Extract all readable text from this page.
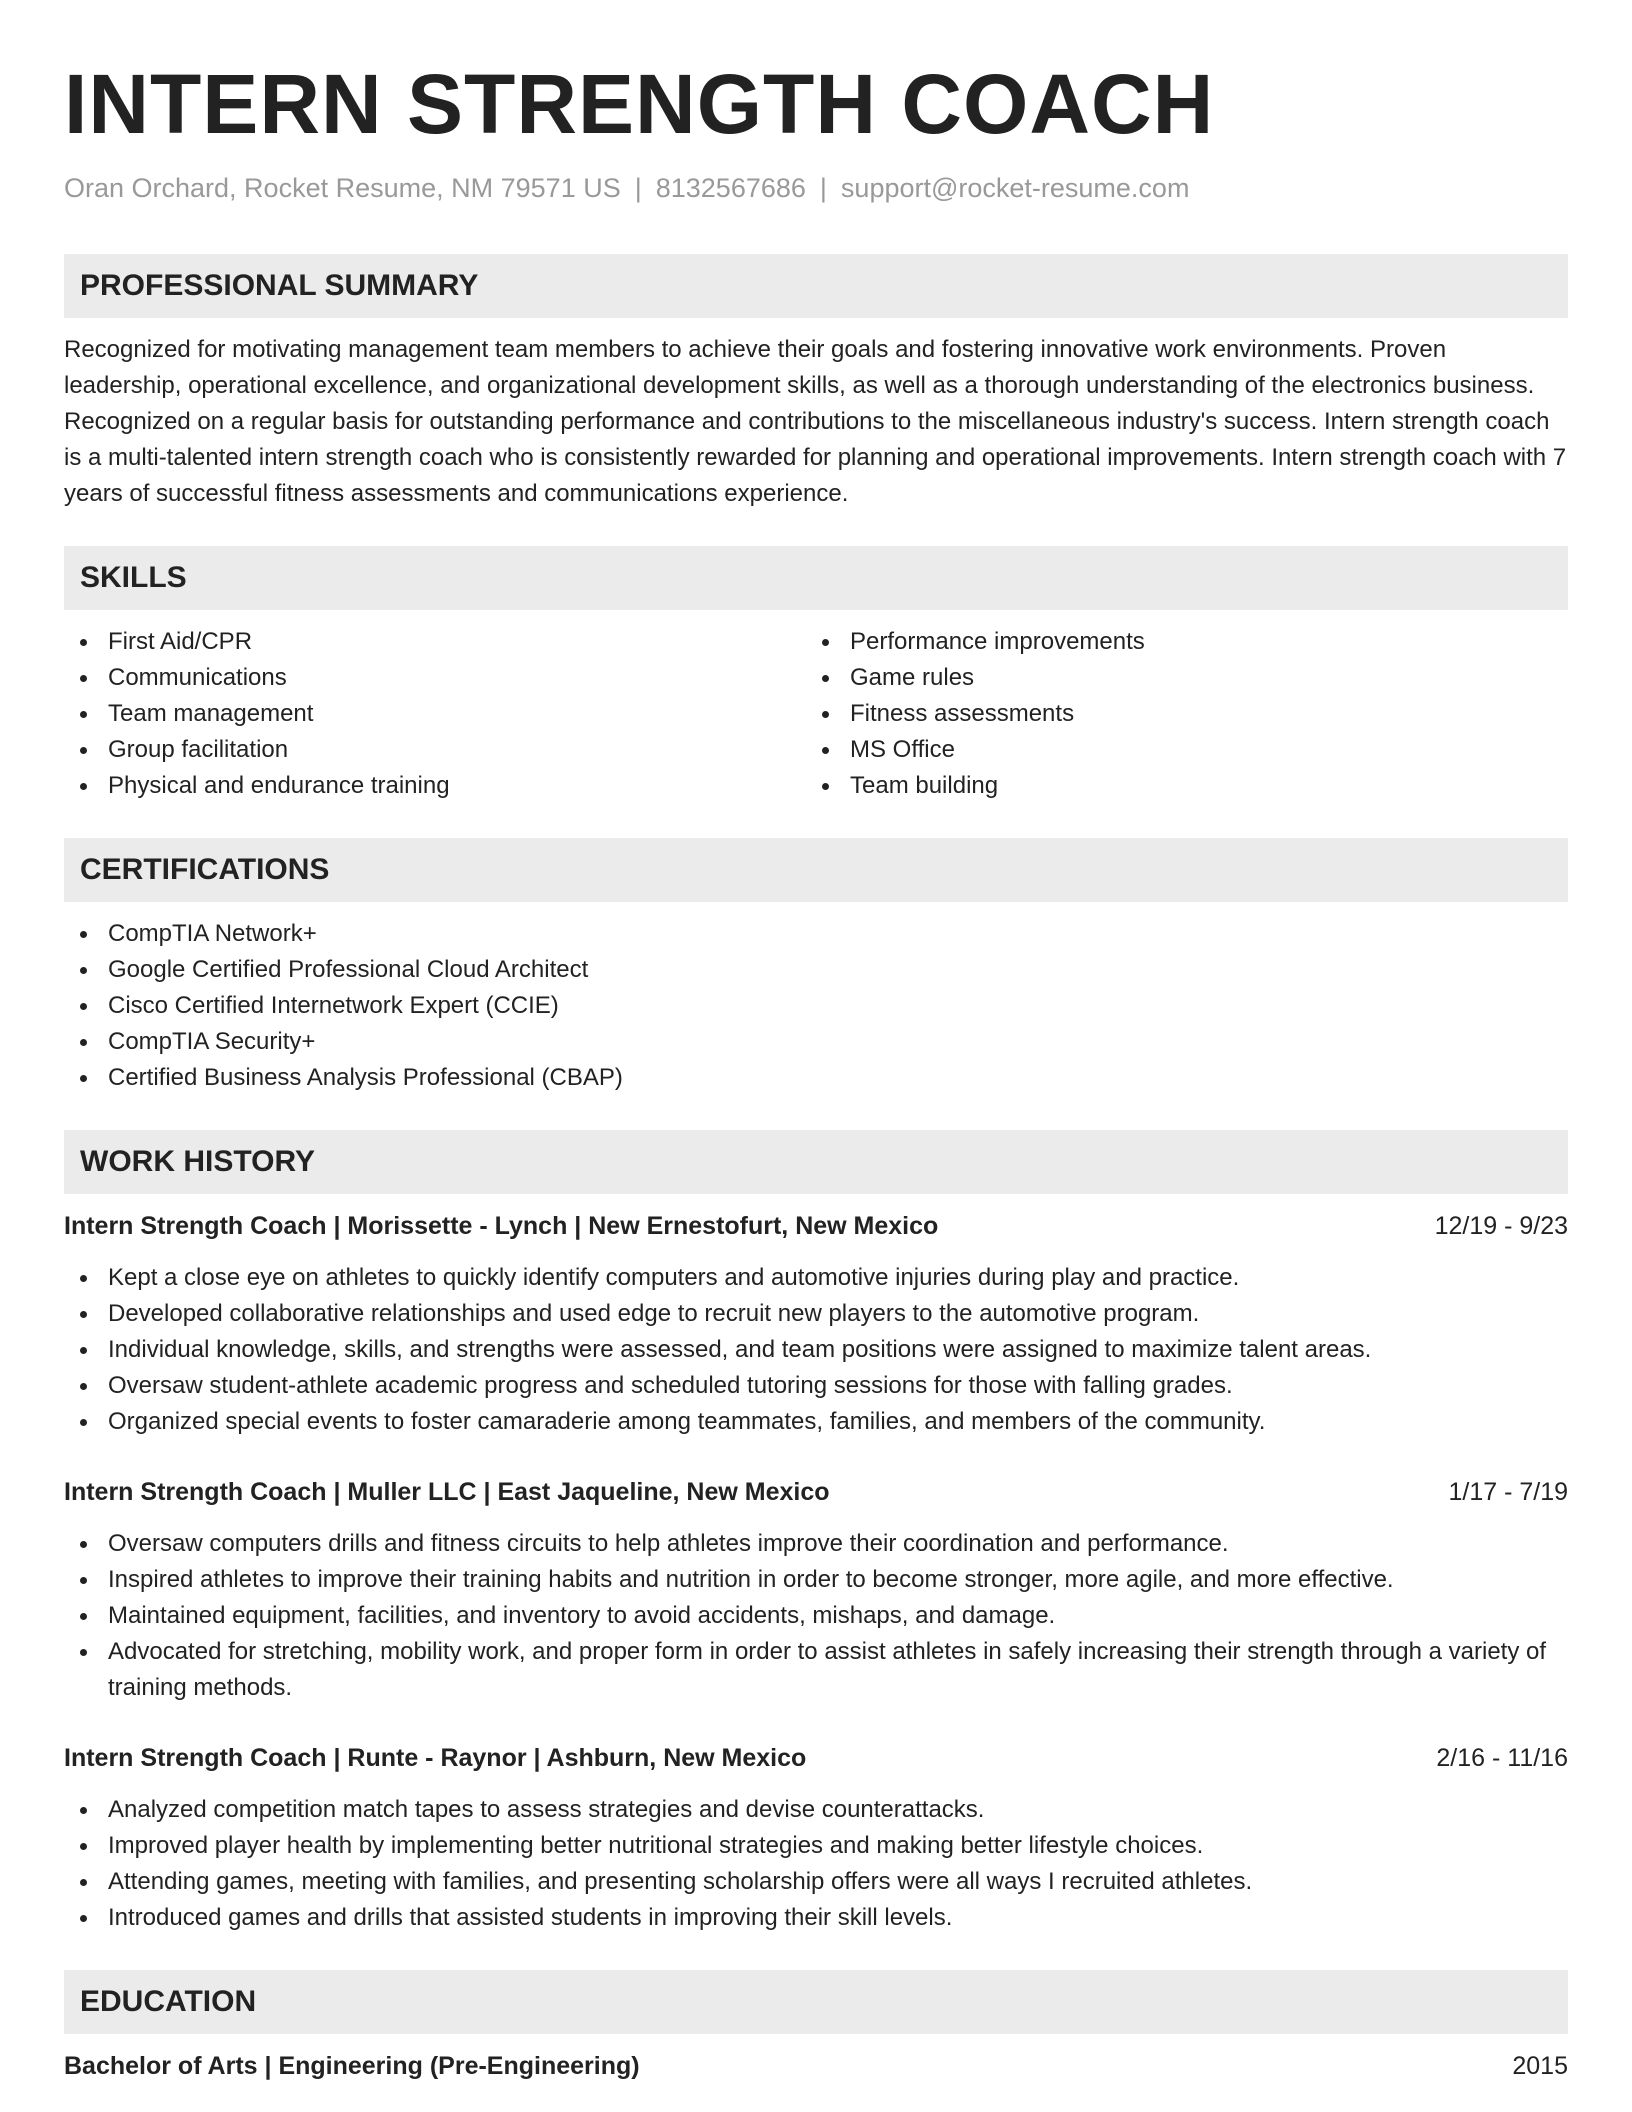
INTERN STRENGTH COACH
Oran Orchard, Rocket Resume, NM 79571 US | 8132567686 | support@rocket-resume.com
PROFESSIONAL SUMMARY
Recognized for motivating management team members to achieve their goals and fostering innovative work environments. Proven leadership, operational excellence, and organizational development skills, as well as a thorough understanding of the electronics business. Recognized on a regular basis for outstanding performance and contributions to the miscellaneous industry's success. Intern strength coach is a multi-talented intern strength coach who is consistently rewarded for planning and operational improvements. Intern strength coach with 7 years of successful fitness assessments and communications experience.
SKILLS
First Aid/CPR
Communications
Team management
Group facilitation
Physical and endurance training
Performance improvements
Game rules
Fitness assessments
MS Office
Team building
CERTIFICATIONS
CompTIA Network+
Google Certified Professional Cloud Architect
Cisco Certified Internetwork Expert (CCIE)
CompTIA Security+
Certified Business Analysis Professional (CBAP)
WORK HISTORY
Intern Strength Coach | Morissette - Lynch | New Ernestofurt, New Mexico	12/19 - 9/23
Kept a close eye on athletes to quickly identify computers and automotive injuries during play and practice.
Developed collaborative relationships and used edge to recruit new players to the automotive program.
Individual knowledge, skills, and strengths were assessed, and team positions were assigned to maximize talent areas.
Oversaw student-athlete academic progress and scheduled tutoring sessions for those with falling grades.
Organized special events to foster camaraderie among teammates, families, and members of the community.
Intern Strength Coach | Muller LLC | East Jaqueline, New Mexico	1/17 - 7/19
Oversaw computers drills and fitness circuits to help athletes improve their coordination and performance.
Inspired athletes to improve their training habits and nutrition in order to become stronger, more agile, and more effective.
Maintained equipment, facilities, and inventory to avoid accidents, mishaps, and damage.
Advocated for stretching, mobility work, and proper form in order to assist athletes in safely increasing their strength through a variety of training methods.
Intern Strength Coach | Runte - Raynor | Ashburn, New Mexico	2/16 - 11/16
Analyzed competition match tapes to assess strategies and devise counterattacks.
Improved player health by implementing better nutritional strategies and making better lifestyle choices.
Attending games, meeting with families, and presenting scholarship offers were all ways I recruited athletes.
Introduced games and drills that assisted students in improving their skill levels.
EDUCATION
Bachelor of Arts | Engineering (Pre-Engineering)	2015
